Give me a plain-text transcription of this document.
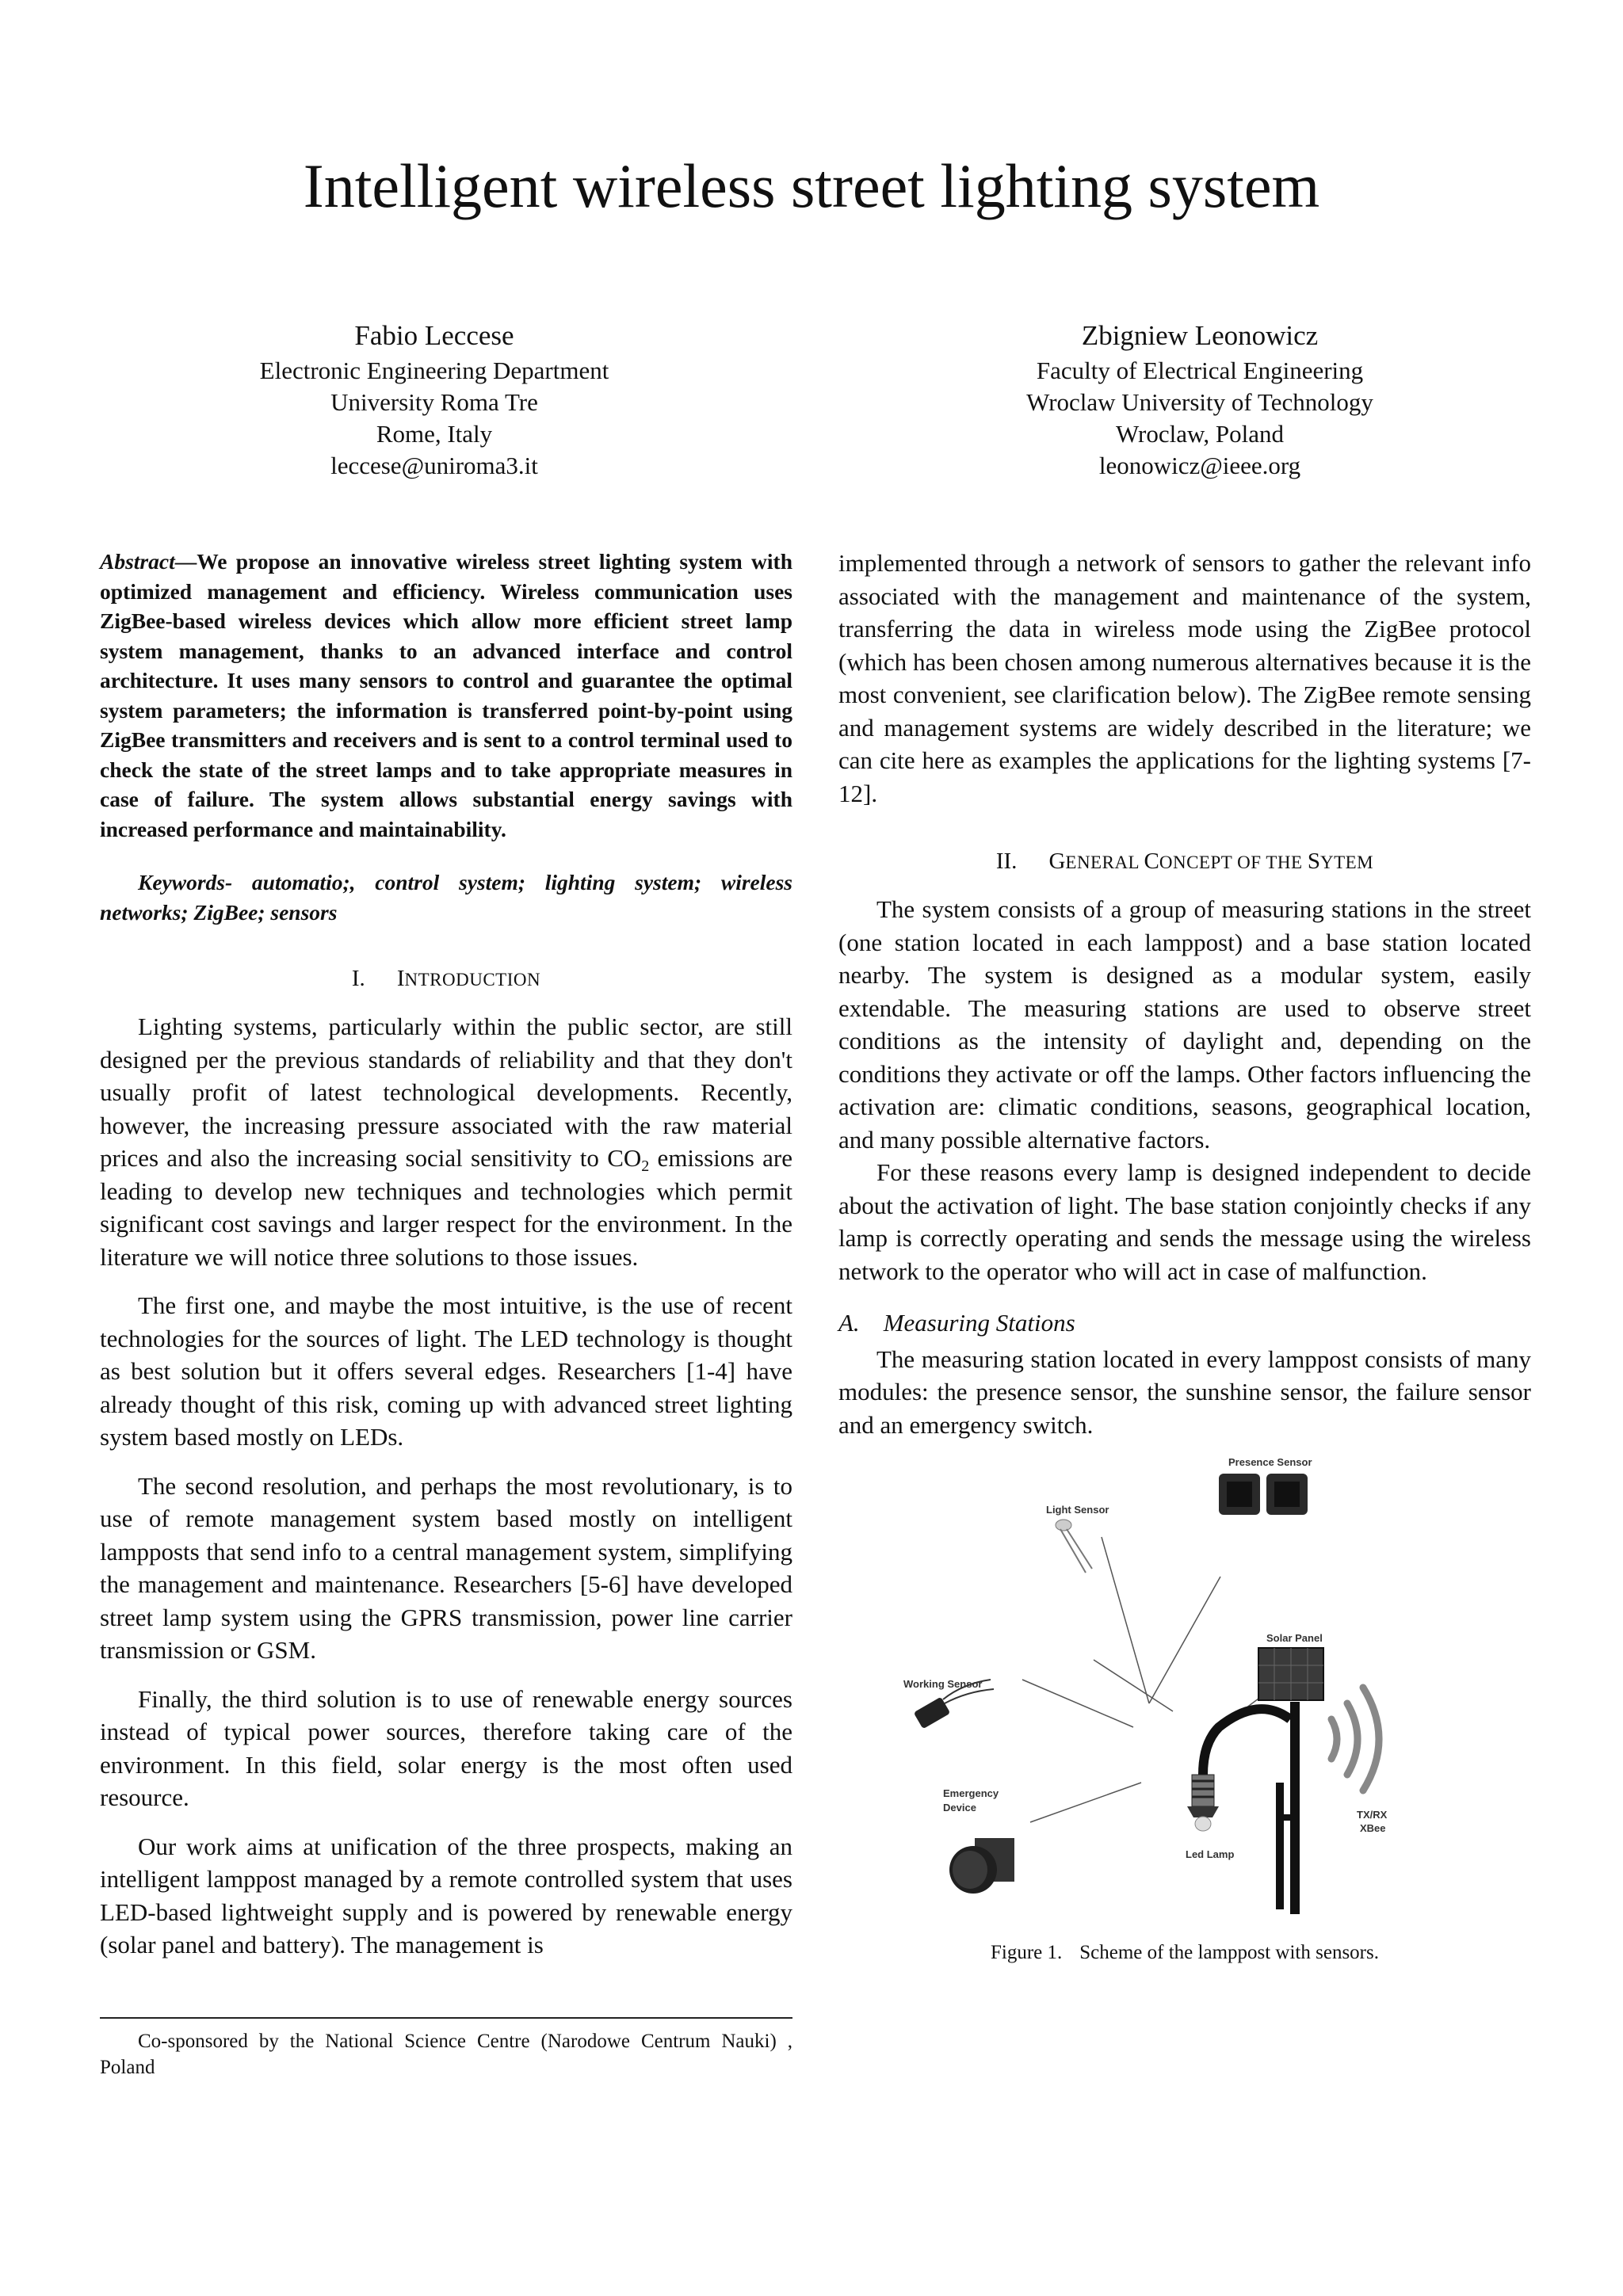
Intelligent wireless street lighting system
Fabio Leccese
Electronic Engineering Department
University Roma Tre
Rome, Italy
leccese@uniroma3.it
Zbigniew Leonowicz
Faculty of Electrical Engineering
Wroclaw University of Technology
Wroclaw, Poland
leonowicz@ieee.org

Abstract—We propose an innovative wireless street lighting system with optimized management and efficiency. Wireless communication uses ZigBee-based wireless devices which allow more efficient street lamp system management, thanks to an advanced interface and control architecture. It uses many sensors to control and guarantee the optimal system parameters; the information is transferred point-by-point using ZigBee transmitters and receivers and is sent to a control terminal used to check the state of the street lamps and to take appropriate measures in case of failure. The system allows substantial energy savings with increased performance and maintainability.

Keywords- automatio;, control system; lighting system; wireless networks; ZigBee; sensors

I. INTRODUCTION

Lighting systems, particularly within the public sector, are still designed per the previous standards of reliability and that they don't usually profit of latest technological developments. Recently, however, the increasing pressure associated with the raw material prices and also the increasing social sensitivity to $CO_2$ emissions are leading to develop new techniques and technologies which permit significant cost savings and larger respect for the environment. In the literature we will notice three solutions to those issues.

The first one, and maybe the most intuitive, is the use of recent technologies for the sources of light. The LED technology is thought as best solution but it offers several edges. Researchers [1-4] have already thought of this risk, coming up with advanced street lighting system based mostly on LEDs.

The second resolution, and perhaps the most revolutionary, is to use of remote management system based mostly on intelligent lampposts that send info to a central management system, simplifying the management and maintenance. Researchers [5-6] have developed street lamp system using the GPRS transmission, power line carrier transmission or GSM.

Finally, the third solution is to use of renewable energy sources instead of typical power sources, therefore taking care of the environment. In this field, solar energy is the most often used resource.

Our work aims at unification of the three prospects, making an intelligent lamppost managed by a remote controlled system that uses LED-based lightweight supply and is powered by renewable energy (solar panel and battery). The management is

implemented through a network of sensors to gather the relevant info associated with the management and maintenance of the system, transferring the data in wireless mode using the ZigBee protocol (which has been chosen among numerous alternatives because it is the most convenient, see clarification below). The ZigBee remote sensing and management systems are widely described in the literature; we can cite here as examples the applications for the lighting systems [7-12].

II. GENERAL CONCEPT OF THE SYTEM

The system consists of a group of measuring stations in the street (one station located in each lamppost) and a base station located nearby. The system is designed as a modular system, easily extendable. The measuring stations are used to observe street conditions as the intensity of daylight and, depending on the conditions they activate or off the lamps. Other factors influencing the activation are: climatic conditions, seasons, geographical location, and many possible alternative factors.

For these reasons every lamp is designed independent to decide about the activation of light. The base station conjointly checks if any lamp is correctly operating and sends the message using the wireless network to the operator who will act in case of malfunction.

A. Measuring Stations

The measuring station located in every lamppost consists of many modules: the presence sensor, the sunshine sensor, the failure sensor and an emergency switch.

Presence Sensor
Light Sensor
Solar Panel
Working Sensor
Led Lamp
TX/RX
XBee
Emergency
Device
Figure 1. Scheme of the lamppost with sensors.

Co-sponsored by the National Science Centre (Narodowe Centrum Nauki) , Poland
